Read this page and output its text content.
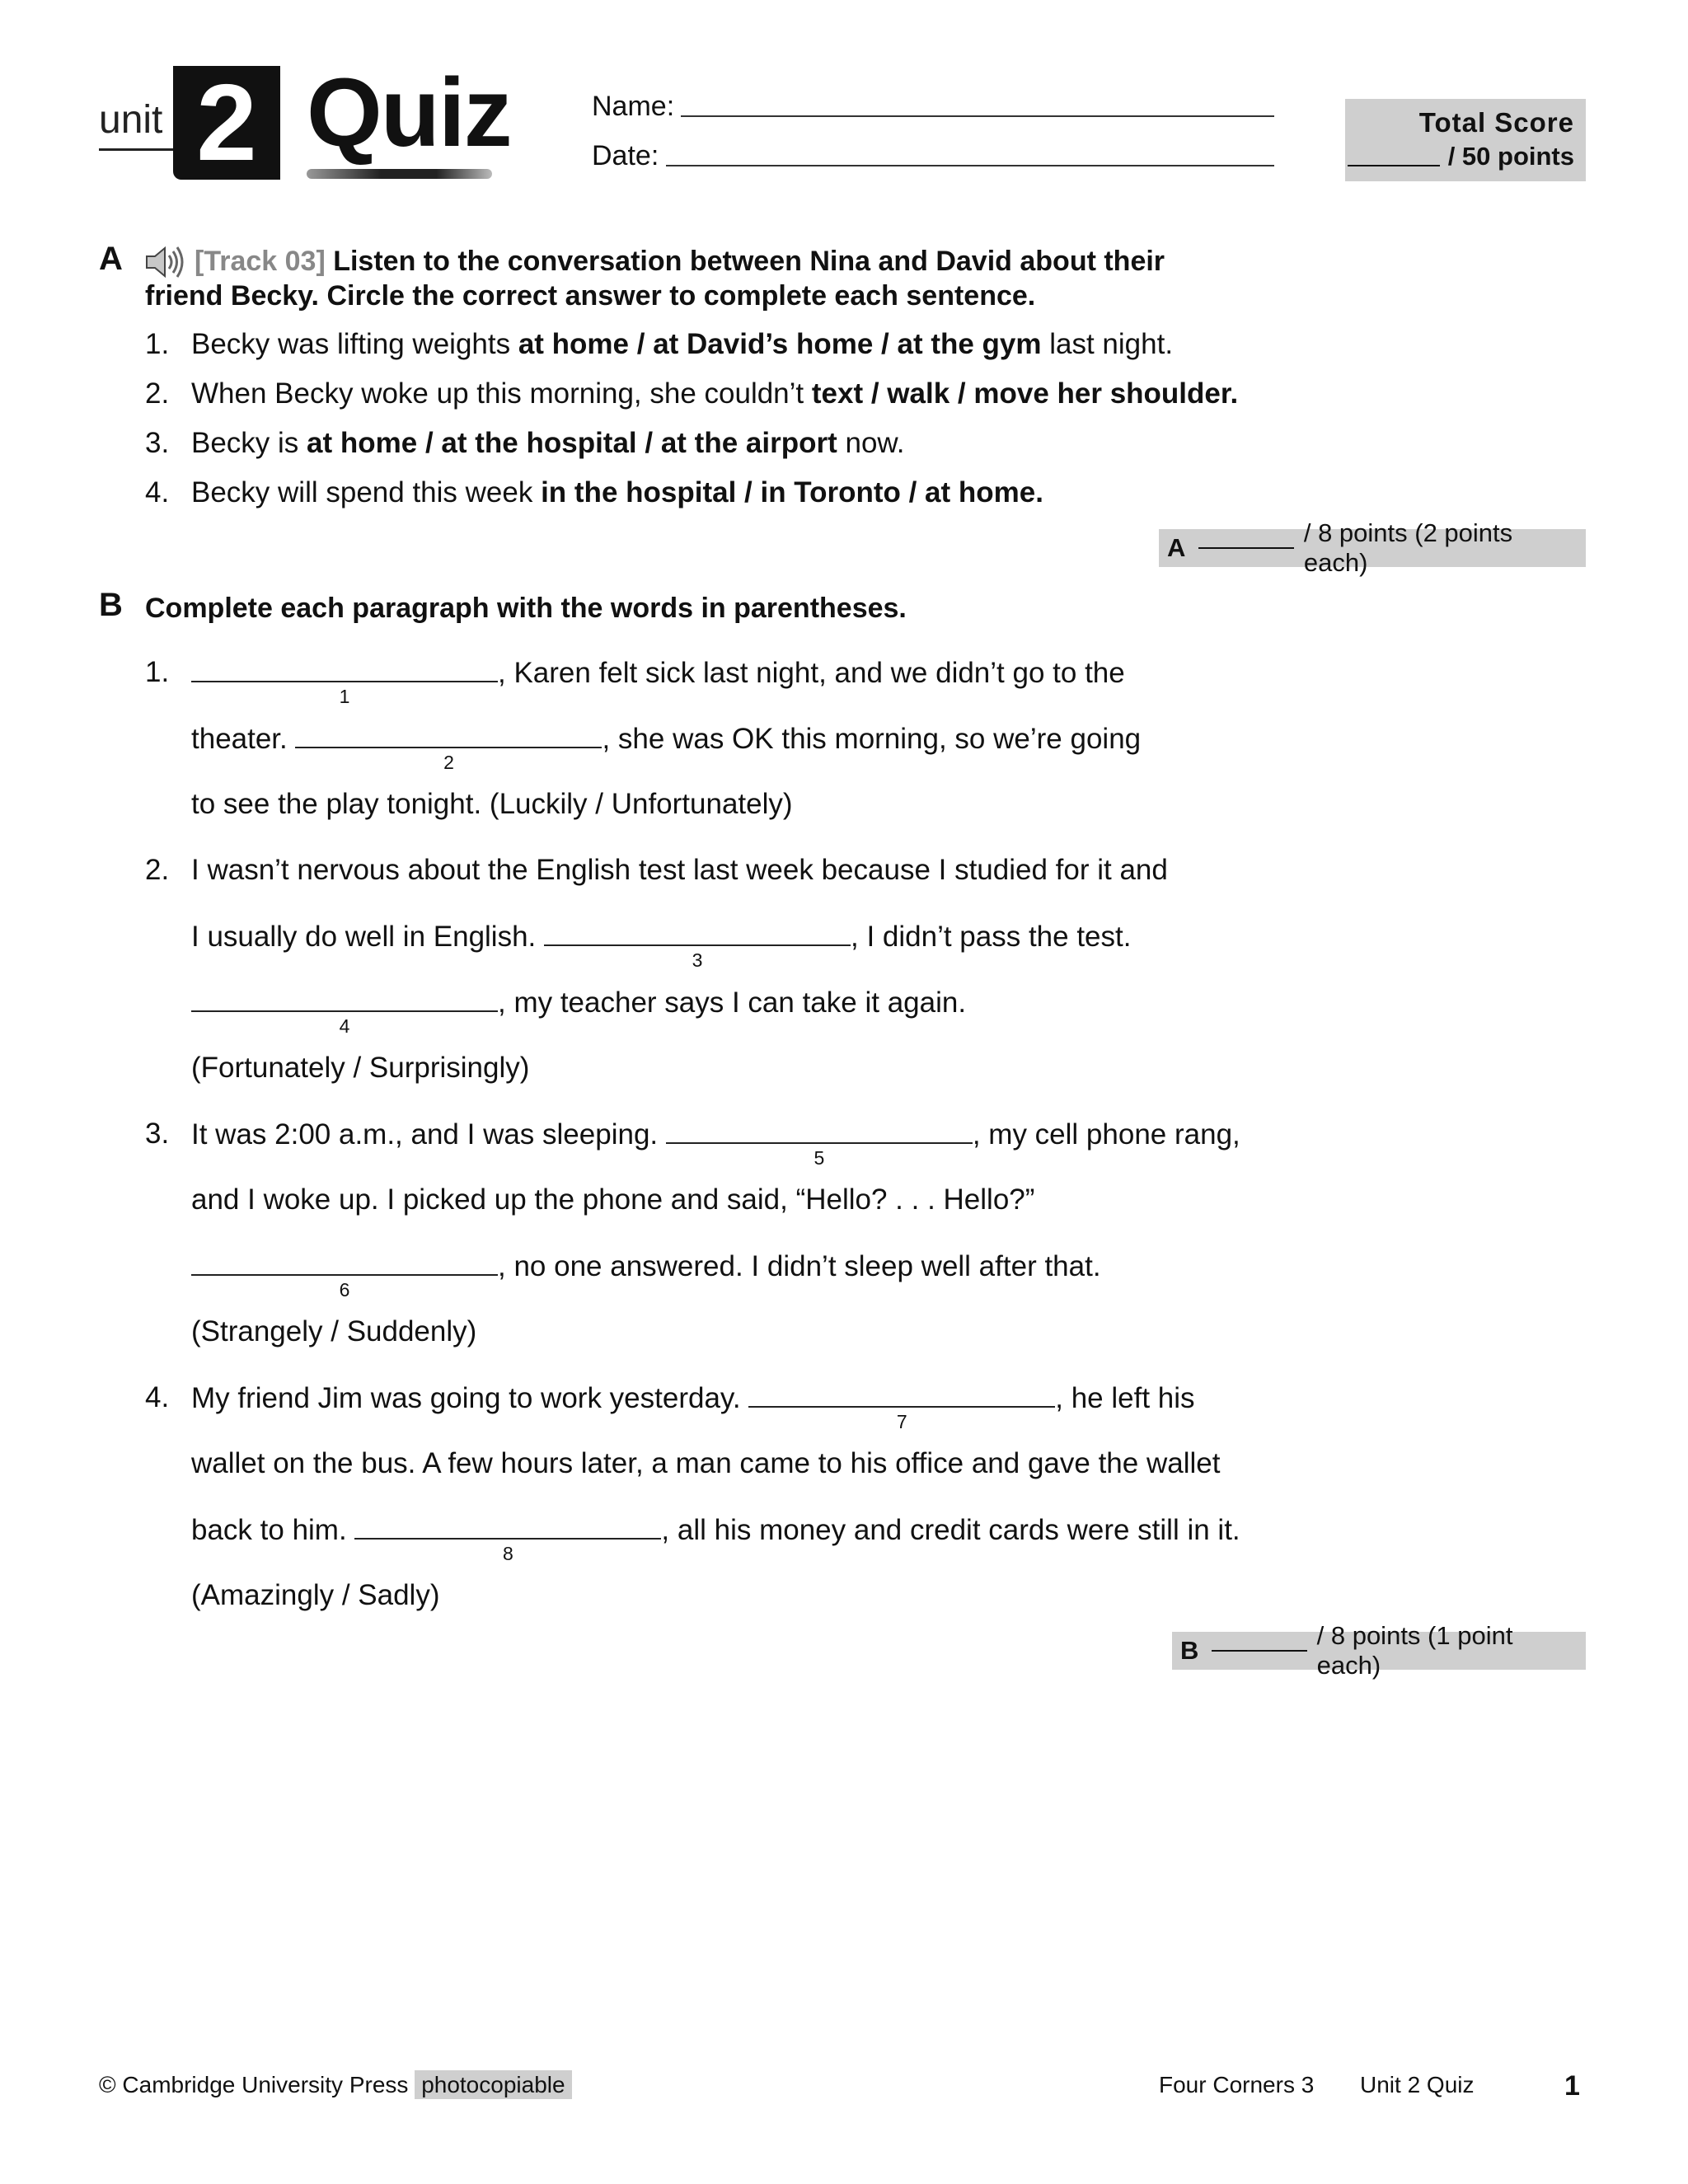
unit 2 Quiz	Name:
Date:
Total Score
/ 50 points
A	[Track 03] Listen to the conversation between Nina and David about their
friend Becky. Circle the correct answer to complete each sentence.
1. Becky was lifting weights at home / at David’s home / at the gym last night.
2. When Becky woke up this morning, she couldn’t text / walk / move her shoulder.
3. Becky is at home / at the hospital / at the airport now.
4. Becky will spend this week in the hospital / in Toronto / at home.
A
/ 8 points (2 points each)
B Complete each paragraph with the words in parentheses.
1.
1
, Karen felt sick last night, and we didn’t go to the
theater.
2
, she was OK this morning, so we’re going
to see the play tonight. (Luckily / Unfortunately)
2. I wasn’t nervous about the English test last week because I studied for it and
I usually do well in English.
3
, I didn’t pass the test.
4
, my teacher says I can take it again.
(Fortunately / Surprisingly)
3. It was 2:00 a.m., and I was sleeping.
5
, my cell phone rang,
and I woke up. I picked up the phone and said, “Hello? . . . Hello?”
6
, no one answered. I didn’t sleep well after that.
(Strangely / Suddenly)
4. My friend Jim was going to work yesterday.
7
, he left his
wallet on the bus. A few hours later, a man came to his office and gave the wallet
back to him.
8
, all his money and credit cards were still in it.
(Amazingly / Sadly)
B
/ 8 points (1 point each)
© Cambridge University Press photocopiable	Four Corners 3 Unit 2 Quiz	1
